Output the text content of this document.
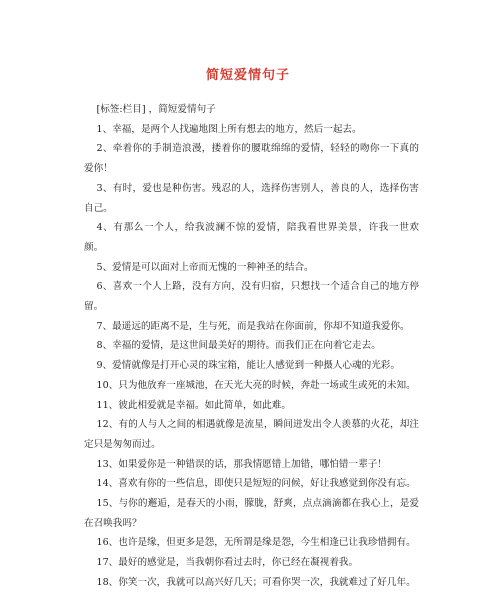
简短爱情句子

[标签:栏目] ，简短爱情句子

1、幸福，是两个人找遍地图上所有想去的地方，然后一起去。

2、牵着你的手制造浪漫，搂着你的腰耽绵绵的爱情，轻轻的吻你一下真的爱你！

3、有时，爱也是种伤害。残忍的人，选择伤害别人，善良的人，选择伤害自己。

4、有那么一个人，给我波澜不惊的爱情，陪我看世界美景，许我一世欢颜。

5、爱情是可以面对上帝而无愧的一种神圣的结合。

6、喜欢一个人上路，没有方向，没有归宿，只想找一个适合自己的地方停留。

7、最遥远的距离不是，生与死，而是我站在你面前，你却不知道我爱你。

8、幸福的爱情，是这世间最美好的期待。而我们正在向着它走去。

9、爱情就像是打开心灵的珠宝箱，能让人感觉到一种摄人心魂的光彩。

10、只为他放弃一座城池，在天光大亮的时候，奔赴一场或生或死的未知。

11、彼此相爱就是幸福。如此简单，如此难。

12、有的人与人之间的相遇就像是流星，瞬间迸发出令人羡慕的火花，却注定只是匆匆而过。

13、如果爱你是一种错误的话，那我情愿错上加错，哪怕错一辈子！

14、喜欢有你的一些信息，即使只是短短的问候，好让我感觉到你没有忘。

15、与你的邂逅，是春天的小雨，朦胧，舒爽，点点滴滴都在我心上，是爱在召唤我吗？

16、也许是缘，但更多是怨，无所谓是缘是怨，今生相逢已让我珍惜拥有。

17、最好的感觉是，当我朝你看过去时，你已经在凝视着我。

18、你笑一次，我就可以高兴好几天；可看你哭一次，我就难过了好几年。
